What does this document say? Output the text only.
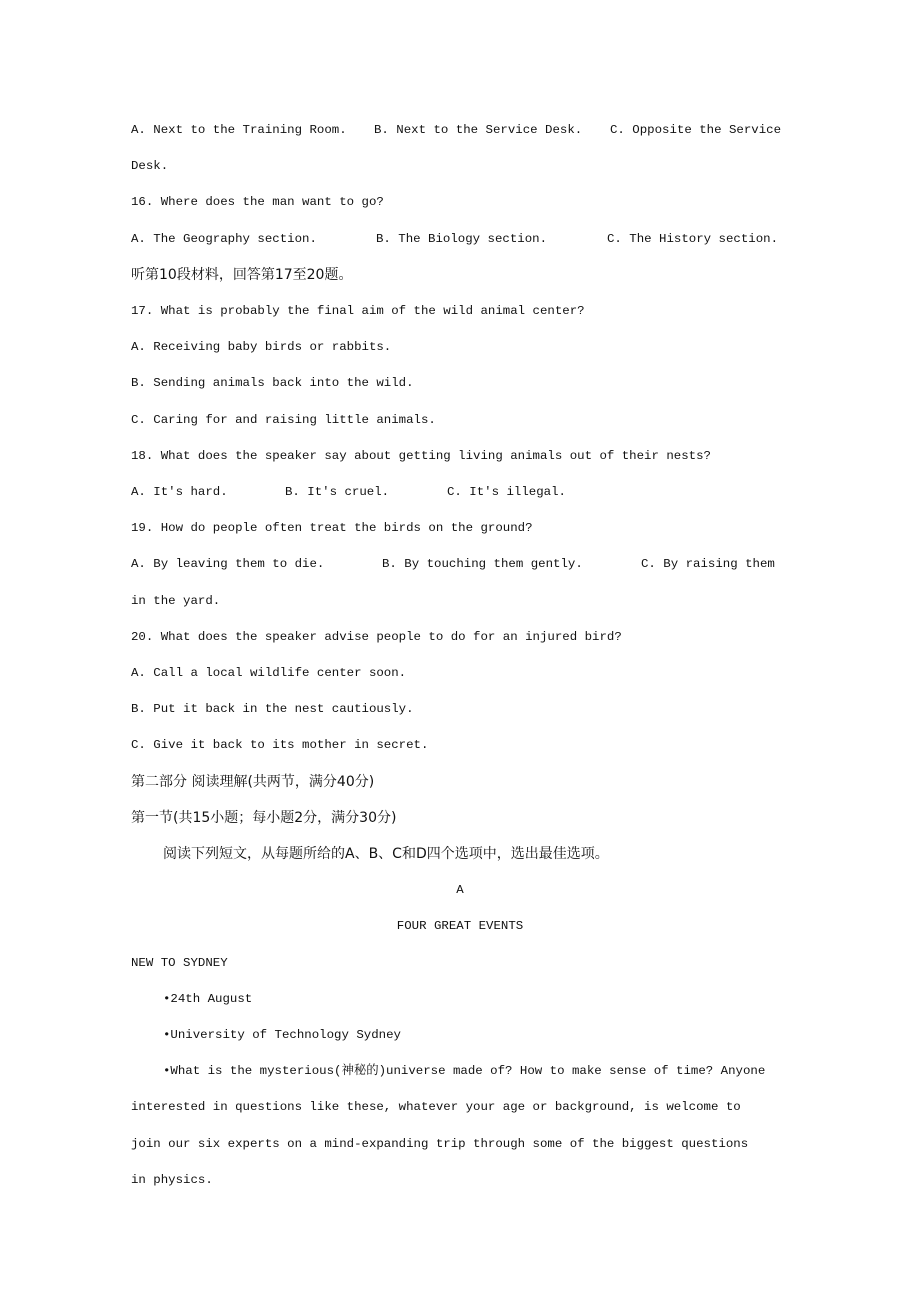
A. Next to the Training Room. B. Next to the Service Desk. C. Opposite the Service
Desk.
16. Where does the man want to go?
A. The Geography section.	B. The Biology section.	C. The History section.
听第10段材料，回答第17至20题。
17. What is probably the final aim of the wild animal center?
A. Receiving baby birds or rabbits.
B. Sending animals back into the wild.
C. Caring for and raising little animals.
18. What does the speaker say about getting living animals out of their nests?
A. It's hard.	B. It's cruel.	C. It's illegal.
19. How do people often treat the birds on the ground?
A. By leaving them to die.	B. By touching them gently.	C. By raising them
in the yard.
20. What does the speaker advise people to do for an injured bird?
A. Call a local wildlife center soon.
B. Put it back in the nest cautiously.
C. Give it back to its mother in secret.
第二部分 阅读理解(共两节，满分40分)
第一节(共15小题；每小题2分，满分30分)
阅读下列短文，从每题所给的A、B、C和D四个选项中，选出最佳选项。
A
FOUR GREAT EVENTS
NEW TO SYDNEY
•24th August
•University of Technology Sydney
•What is the mysterious(神秘的)universe made of? How to make sense of time? Anyone
interested in questions like these, whatever your age or background, is welcome to
join our six experts on a mind-expanding trip through some of the biggest questions
in physics.
